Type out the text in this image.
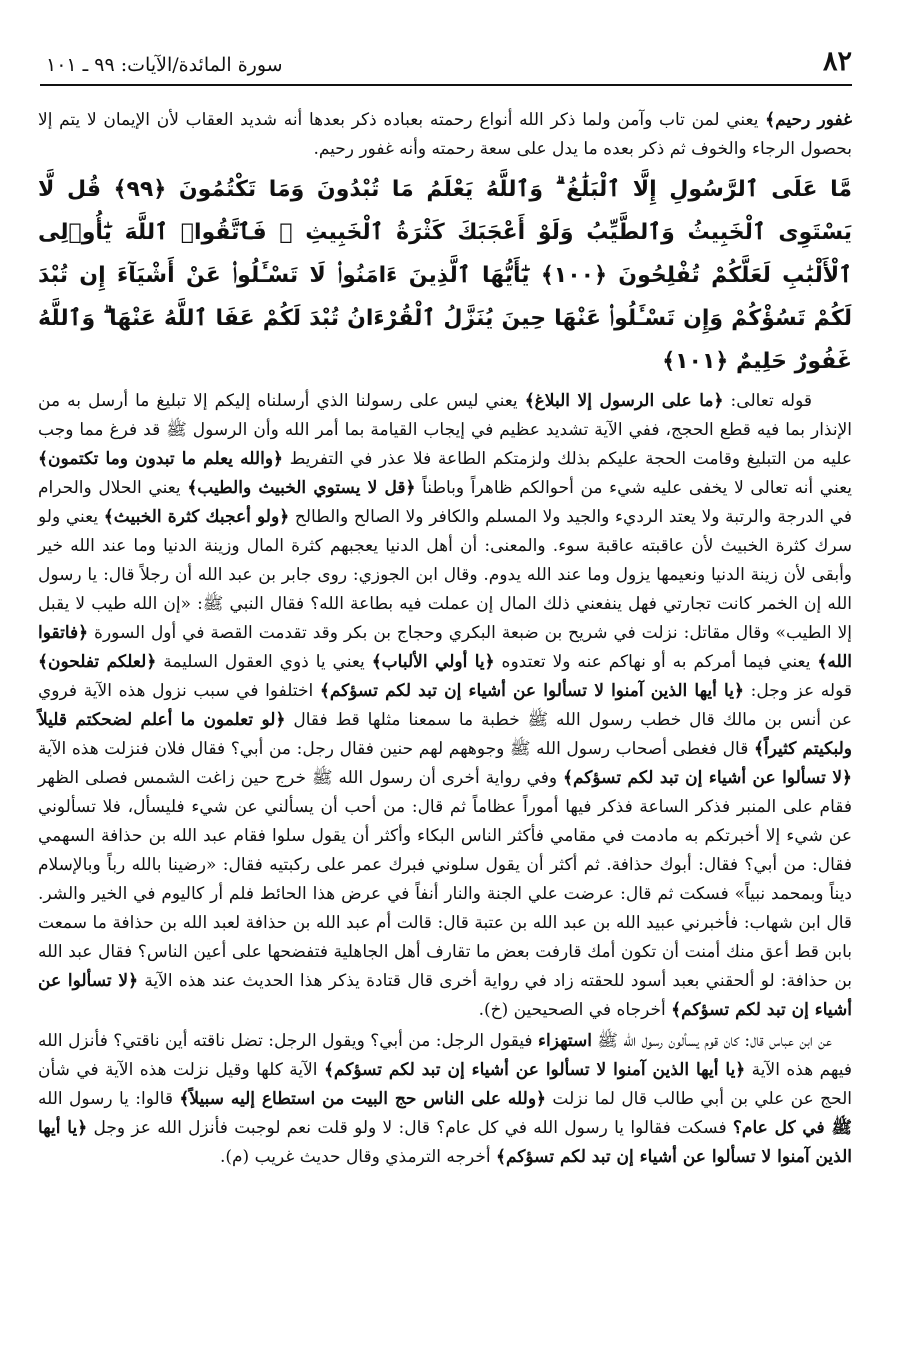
٨٢
سورة المائدة/الآيات: ٩٩ ـ ١٠١

غفور رحيم﴾ يعني لمن تاب وآمن ولما ذكر الله أنواع رحمته بعباده ذكر بعدها أنه شديد العقاب لأن الإيمان لا يتم إلا بحصول الرجاء والخوف ثم ذكر بعده ما يدل على سعة رحمته وأنه غفور رحيم.

مَّا عَلَى ٱلرَّسُولِ إِلَّا ٱلْبَلَٰغُ ۗ وَٱللَّهُ يَعْلَمُ مَا تُبْدُونَ وَمَا تَكْتُمُونَ ﴿٩٩﴾ قُل لَّا يَسْتَوِى ٱلْخَبِيثُ وَٱلطَّيِّبُ وَلَوْ أَعْجَبَكَ كَثْرَةُ ٱلْخَبِيثِ ۚ فَٱتَّقُوا۟ ٱللَّهَ يَٰٓأُو۟لِى ٱلْأَلْبَٰبِ لَعَلَّكُمْ تُفْلِحُونَ ﴿١٠٠﴾ يَٰٓأَيُّهَا ٱلَّذِينَ ءَامَنُوا۟ لَا تَسْـَٔلُوا۟ عَنْ أَشْيَآءَ إِن تُبْدَ لَكُمْ تَسُؤْكُمْ وَإِن تَسْـَٔلُوا۟ عَنْهَا حِينَ يُنَزَّلُ ٱلْقُرْءَانُ تُبْدَ لَكُمْ عَفَا ٱللَّهُ عَنْهَا ۗ وَٱللَّهُ غَفُورٌ حَلِيمٌ ﴿١٠١﴾

قوله تعالى: ﴿ما على الرسول إلا البلاغ﴾ يعني ليس على رسولنا الذي أرسلناه إليكم إلا تبليغ ما أرسل به من الإنذار بما فيه قطع الحجج، ففي الآية تشديد عظيم في إيجاب القيامة بما أمر الله وأن الرسول ﷺ قد فرغ مما وجب عليه من التبليغ وقامت الحجة عليكم بذلك ولزمتكم الطاعة فلا عذر في التفريط ﴿والله يعلم ما تبدون وما تكتمون﴾ يعني أنه تعالى لا يخفى عليه شيء من أحوالكم ظاهراً وباطناً ﴿قل لا يستوي الخبيث والطيب﴾ يعني الحلال والحرام في الدرجة والرتبة ولا يعتد الرديء والجيد ولا المسلم والكافر ولا الصالح والطالح ﴿ولو أعجبك كثرة الخبيث﴾ يعني ولو سرك كثرة الخبيث لأن عاقبته عاقبة سوء. والمعنى: أن أهل الدنيا يعجبهم كثرة المال وزينة الدنيا وما عند الله خير وأبقى لأن زينة الدنيا ونعيمها يزول وما عند الله يدوم. وقال ابن الجوزي: روى جابر بن عبد الله أن رجلاً قال: يا رسول الله إن الخمر كانت تجارتي فهل ينفعني ذلك المال إن عملت فيه بطاعة الله؟ فقال النبي ﷺ: «إن الله طيب لا يقبل إلا الطيب» وقال مقاتل: نزلت في شريح بن ضبعة البكري وحجاج بن بكر وقد تقدمت القصة في أول السورة ﴿فاتقوا الله﴾ يعني فيما أمركم به أو نهاكم عنه ولا تعتدوه ﴿يا أولي الألباب﴾ يعني يا ذوي العقول السليمة ﴿لعلكم تفلحون﴾ قوله عز وجل: ﴿يا أيها الذين آمنوا لا تسألوا عن أشياء إن تبد لكم تسؤكم﴾ اختلفوا في سبب نزول هذه الآية فروي عن أنس بن مالك قال خطب رسول الله ﷺ خطبة ما سمعنا مثلها قط فقال ﴿لو تعلمون ما أعلم لضحكتم قليلاً ولبكيتم كثيراً﴾ قال فغطى أصحاب رسول الله ﷺ وجوههم لهم حنين فقال رجل: من أبي؟ فقال فلان فنزلت هذه الآية ﴿لا تسألوا عن أشياء إن تبد لكم تسؤكم﴾ وفي رواية أخرى أن رسول الله ﷺ خرج حين زاغت الشمس فصلى الظهر فقام على المنبر فذكر الساعة فذكر فيها أموراً عظاماً ثم قال: من أحب أن يسألني عن شيء فليسأل، فلا تسألوني عن شيء إلا أخبرتكم به مادمت في مقامي فأكثر الناس البكاء وأكثر أن يقول سلوا فقام عبد الله بن حذافة السهمي فقال: من أبي؟ فقال: أبوك حذافة. ثم أكثر أن يقول سلوني فبرك عمر على ركبتيه فقال: «رضينا بالله رباً وبالإسلام ديناً وبمحمد نبياً» فسكت ثم قال: عرضت علي الجنة والنار أنفاً في عرض هذا الحائط فلم أر كاليوم في الخير والشر. قال ابن شهاب: فأخبرني عبيد الله بن عبد الله بن عتبة قال: قالت أم عبد الله بن حذافة لعبد الله بن حذافة ما سمعت بابن قط أعق منك أمنت أن تكون أمك قارفت بعض ما تقارف أهل الجاهلية فتفضحها على أعين الناس؟ فقال عبد الله بن حذافة: لو ألحقني بعبد أسود للحقته زاد في رواية أخرى قال قتادة يذكر هذا الحديث عند هذه الآية ﴿لا تسألوا عن أشياء إن تبد لكم تسؤكم﴾ أخرجاه في الصحيحين (خ).

عن ابن عباس قال: كان قوم يسألون رسول الله ﷺ استهزاء فيقول الرجل: من أبي؟ ويقول الرجل: تضل ناقته أين ناقتي؟ فأنزل الله فيهم هذه الآية ﴿يا أيها الذين آمنوا لا تسألوا عن أشياء إن تبد لكم تسؤكم﴾ الآية كلها وقيل نزلت هذه الآية في شأن الحج عن علي بن أبي طالب قال لما نزلت ﴿ولله على الناس حج البيت من استطاع إليه سبيلاً﴾ قالوا: يا رسول الله ﷺ في كل عام؟ فسكت فقالوا يا رسول الله في كل عام؟ قال: لا ولو قلت نعم لوجبت فأنزل الله عز وجل ﴿يا أيها الذين آمنوا لا تسألوا عن أشياء إن تبد لكم تسؤكم﴾ أخرجه الترمذي وقال حديث غريب (م).
